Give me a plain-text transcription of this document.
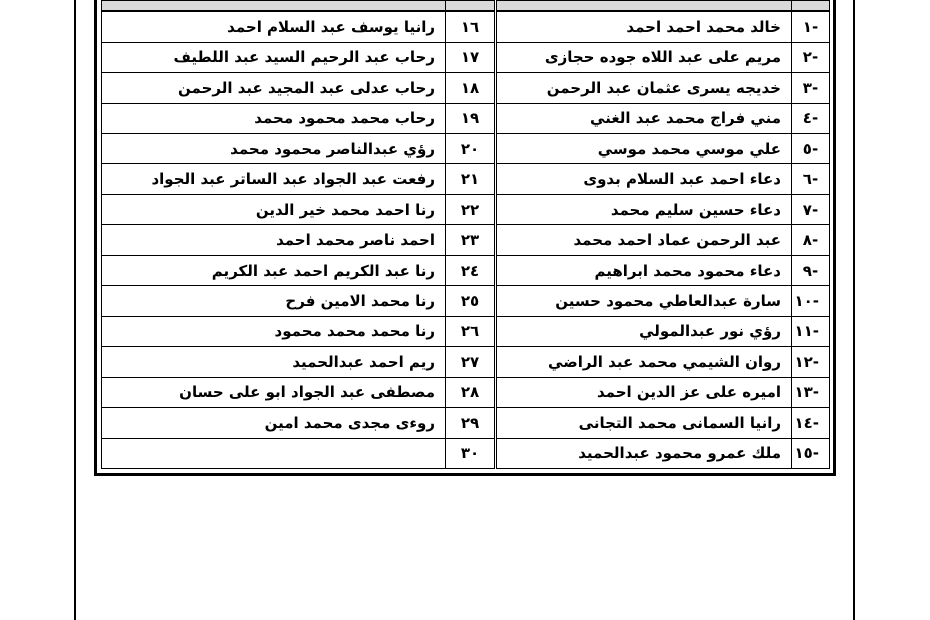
-١	خالد محمد احمد احمد	١٦	رانيا يوسف عبد السلام احمد
-٢	مريم على عبد اللاه جوده حجازى	١٧	رحاب عبد الرحيم السيد عبد اللطيف
-٣	خديجه يسرى عثمان عبد الرحمن	١٨	رحاب عدلى عبد المجيد عبد الرحمن
-٤	مني فراج محمد عبد الغني	١٩	رحاب محمد محمود محمد
-٥	علي موسي محمد موسي	٢٠	رؤي عبدالناصر محمود محمد
-٦	دعاء احمد عبد السلام بدوى	٢١	رفعت عبد الجواد عبد الساتر عبد الجواد
-٧	دعاء حسين سليم محمد	٢٢	رنا احمد محمد خير الدين
-٨	عبد الرحمن عماد احمد محمد	٢٣	احمد ناصر محمد احمد
-٩	دعاء محمود محمد ابراهيم	٢٤	رنا عبد الكريم احمد عبد الكريم
-١٠	سارة عبدالعاطي محمود حسين	٢٥	رنا محمد الامين فرح
-١١	رؤي نور عبدالمولي	٢٦	رنا محمد محمد محمود
-١٢	روان الشيمي محمد عبد الراضي	٢٧	ريم احمد عبدالحميد
-١٣	اميره على عز الدين احمد	٢٨	مصطفى عبد الجواد ابو على حسان
-١٤	رانيا السمانى محمد التجانى	٢٩	روءى مجدى محمد امين
-١٥	ملك عمرو محمود عبدالحميد	٣٠	
